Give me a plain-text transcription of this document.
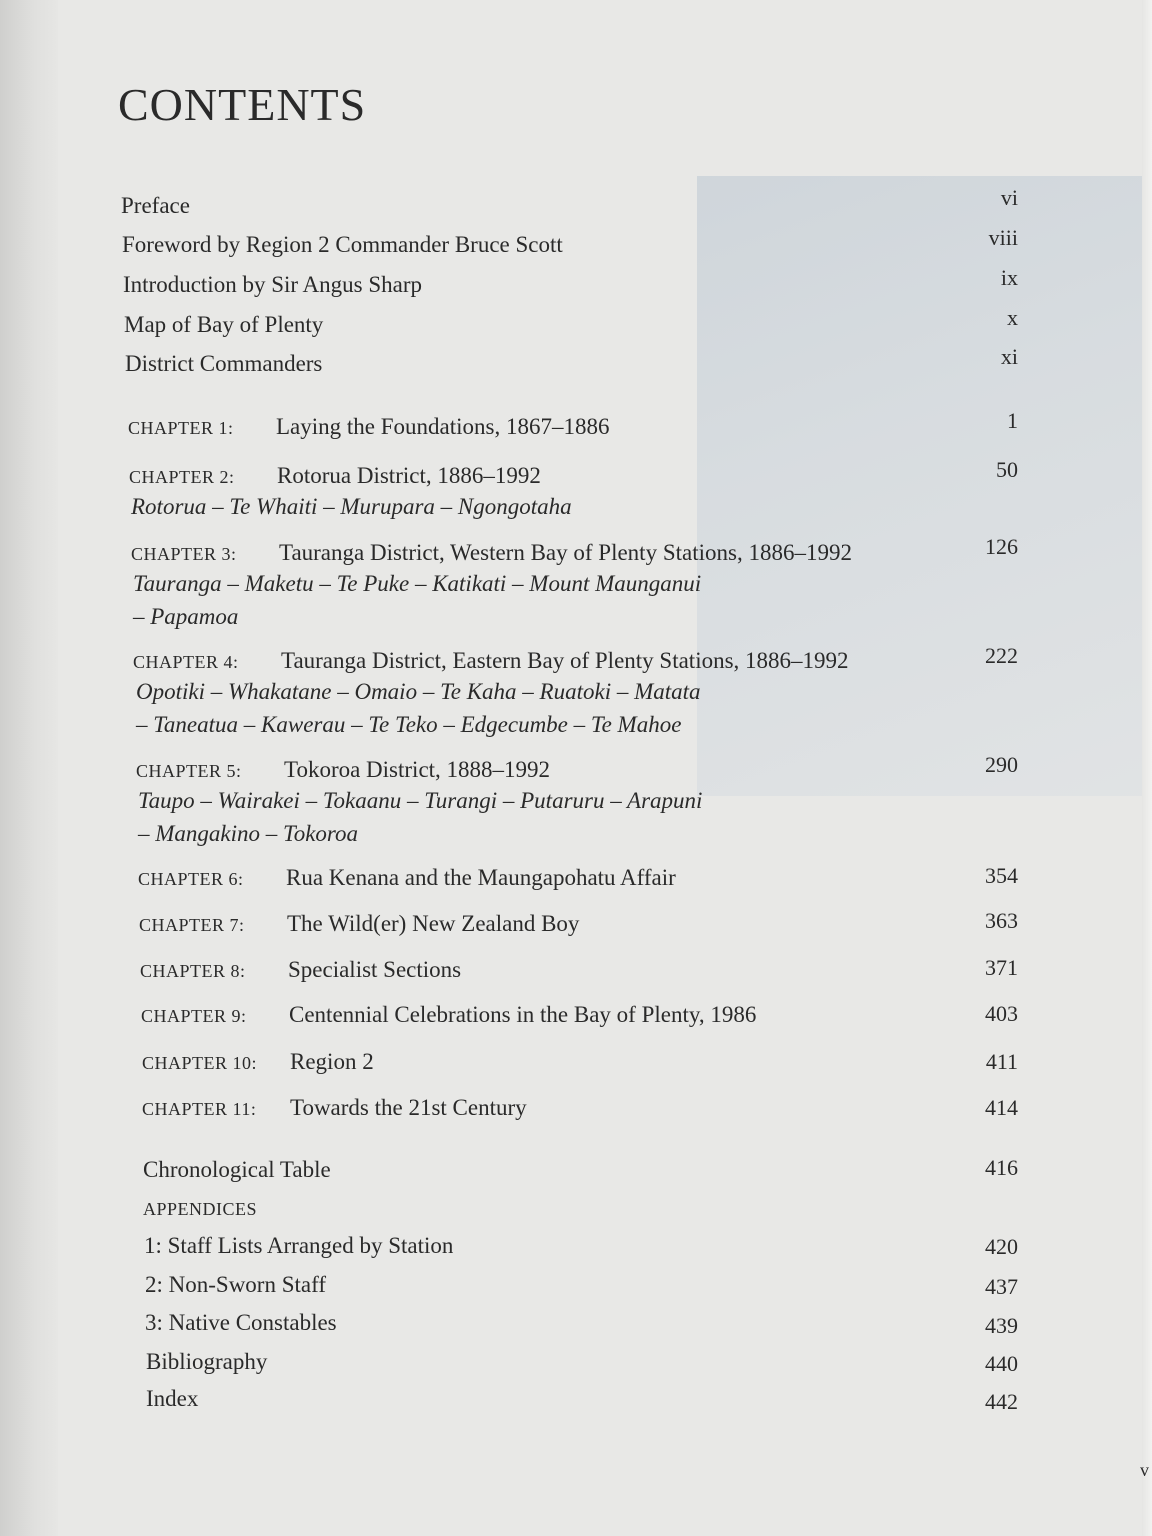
CONTENTS
Preface	vi
Foreword by Region 2 Commander Bruce Scott	viii
Introduction by Sir Angus Sharp	ix
Map of Bay of Plenty	x
District Commanders	xi
CHAPTER 1: Laying the Foundations, 1867–1886	1
CHAPTER 2: Rotorua District, 1886–1992	50
Rotorua – Te Whaiti – Murupara – Ngongotaha
CHAPTER 3: Tauranga District, Western Bay of Plenty Stations, 1886–1992	126
Tauranga – Maketu – Te Puke – Katikati – Mount Maunganui
– Papamoa
CHAPTER 4: Tauranga District, Eastern Bay of Plenty Stations, 1886–1992	222
Opotiki – Whakatane – Omaio – Te Kaha – Ruatoki – Matata
– Taneatua – Kawerau – Te Teko – Edgecumbe – Te Mahoe
CHAPTER 5: Tokoroa District, 1888–1992	290
Taupo – Wairakei – Tokaanu – Turangi – Putaruru – Arapuni
– Mangakino – Tokoroa
CHAPTER 6: Rua Kenana and the Maungapohatu Affair	354
CHAPTER 7: The Wild(er) New Zealand Boy	363
CHAPTER 8: Specialist Sections	371
CHAPTER 9: Centennial Celebrations in the Bay of Plenty, 1986	403
CHAPTER 10: Region 2	411
CHAPTER 11: Towards the 21st Century	414
Chronological Table	416
APPENDICES
1: Staff Lists Arranged by Station	420
2: Non-Sworn Staff	437
3: Native Constables	439
Bibliography	440
Index	442
v
